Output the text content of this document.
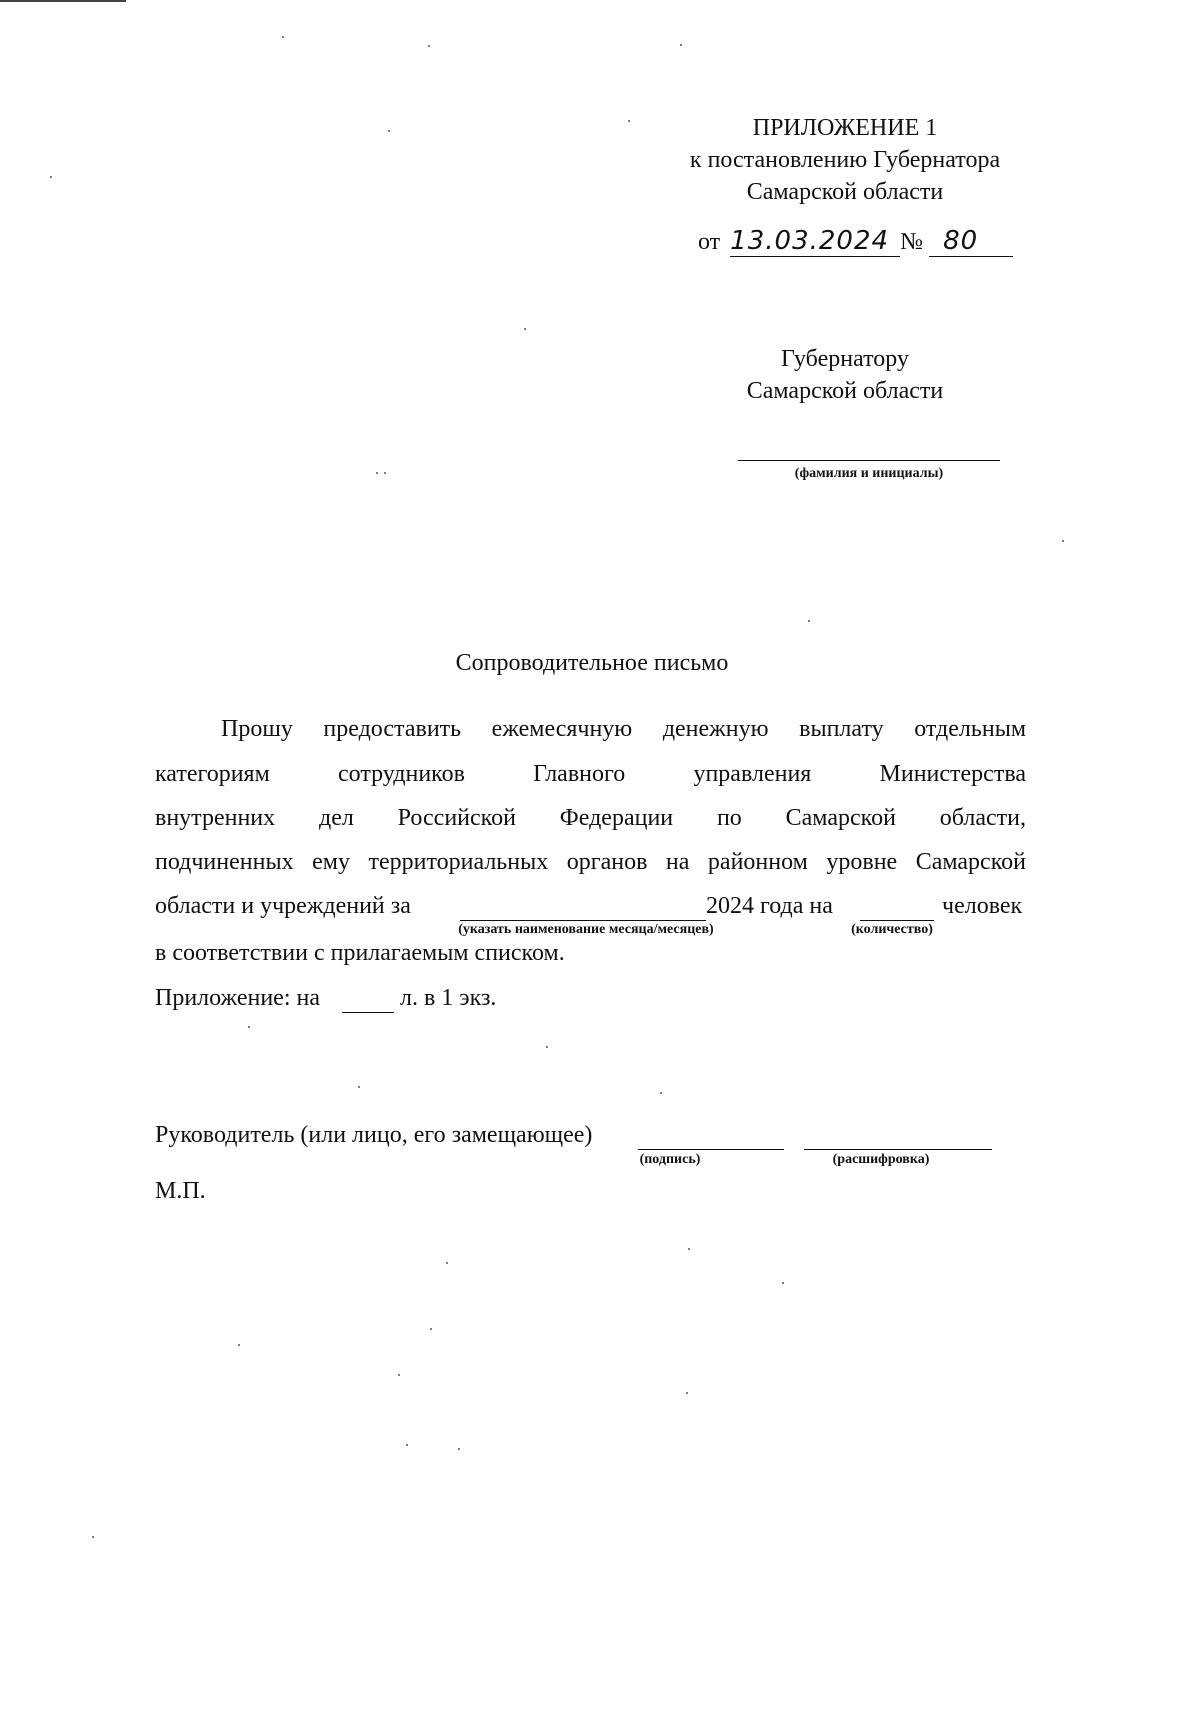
ПРИЛОЖЕНИЕ 1
к постановлению Губернатора
Самарской области
от 13.03.2024 № 80
Губернатору
Самарской области
(фамилия и инициалы)
Сопроводительное письмо
Прошу предоставить ежемесячную денежную выплату отдельным
категориям сотрудников Главного управления Министерства
внутренних дел Российской Федерации по Самарской области,
подчиненных ему территориальных органов на районном уровне Самарской
области и учреждений за	2024 года на	человек
(указать наименование месяца/месяцев)	(количество)
в соответствии с прилагаемым списком.
Приложение: на	л. в 1 экз.
Руководитель (или лицо, его замещающее)
(подпись)	(расшифровка)
М.П.
